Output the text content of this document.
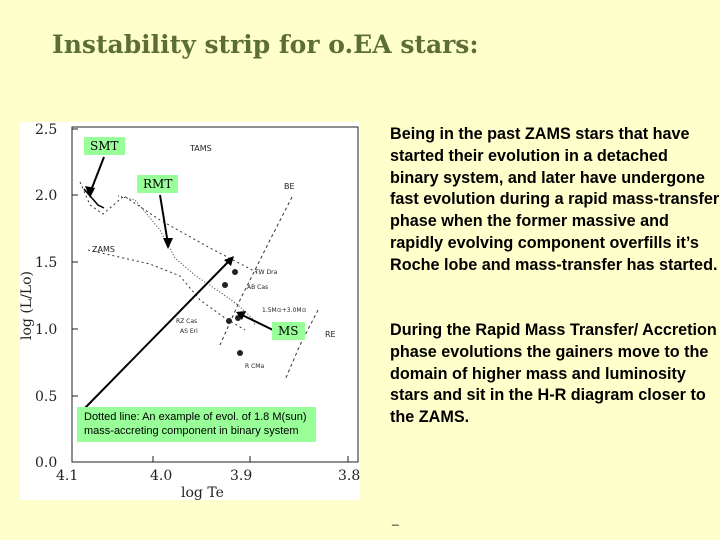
Instability strip for o.EA stars:
0.0
0.5
1.0
1.5
2.0
2.5
4.1	4.0	3.9	3.8
log Te
log (L/Lo)
TAMS
ZAMS
BE
RE
TW Dra
AB Cas
RZ Cas
AS Eri
R CMa
1.5M⊙+3.0M⊙
SMT
RMT
MS
Dotted line: An example of evol. of 1.8 M(sun) mass-accreting component in binary system
Being in the past ZAMS stars that have started their evolution in a detached binary system, and later have undergone fast evolution during a rapid mass-transfer phase when the former massive and rapidly evolving component overfills it’s Roche lobe and mass-transfer has started.
During the Rapid Mass Transfer/ Accretion phase evolutions the gainers move to the domain of higher mass and luminosity stars and sit in the H-R diagram closer to the ZAMS.
_
